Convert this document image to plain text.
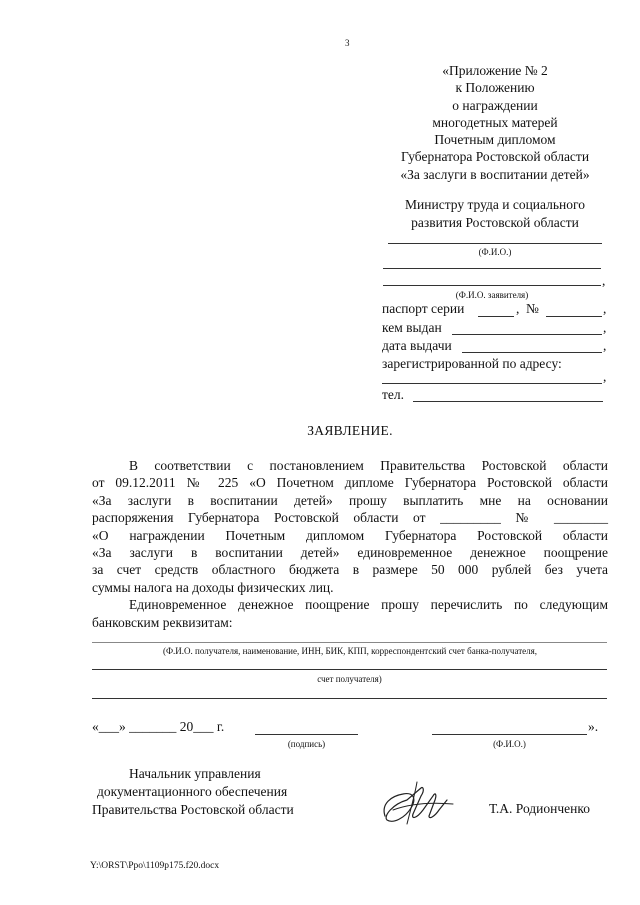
3
«Приложение № 2
к Положению
о награждении
многодетных матерей
Почетным дипломом
Губернатора Ростовской области
«За заслуги в воспитании детей»
Министру труда и социального
развития Ростовской области
(Ф.И.О.)
,
(Ф.И.О. заявителя)
паспорт серии	, №	,
кем выдан	,
дата выдачи	,
зарегистрированной по адресу:
,
тел.
ЗАЯВЛЕНИЕ.
В соответствии с постановлением Правительства Ростовской области
от 09.12.2011 № 225 «О Почетном дипломе Губернатора Ростовской области
«За заслуги в воспитании детей» прошу выплатить мне на основании
распоряжения Губернатора Ростовской области от _________ № ________
«О награждении Почетным дипломом Губернатора Ростовской области
«За заслуги в воспитании детей» единовременное денежное поощрение
за счет средств областного бюджета в размере 50 000 рублей без учета
суммы налога на доходы физических лиц.
Единовременное денежное поощрение прошу перечислить по следующим
банковским реквизитам:
(Ф.И.О. получателя, наименование, ИНН, БИК, КПП, корреспондентский счет банка-получателя,
счет получателя)
«___» _______ 20___ г.
(подпись)
».
(Ф.И.О.)
Начальник управления
документационного обеспечения
Правительства Ростовской области	Т.А. Родионченко
Y:\ORST\Ppo\1109p175.f20.docx
